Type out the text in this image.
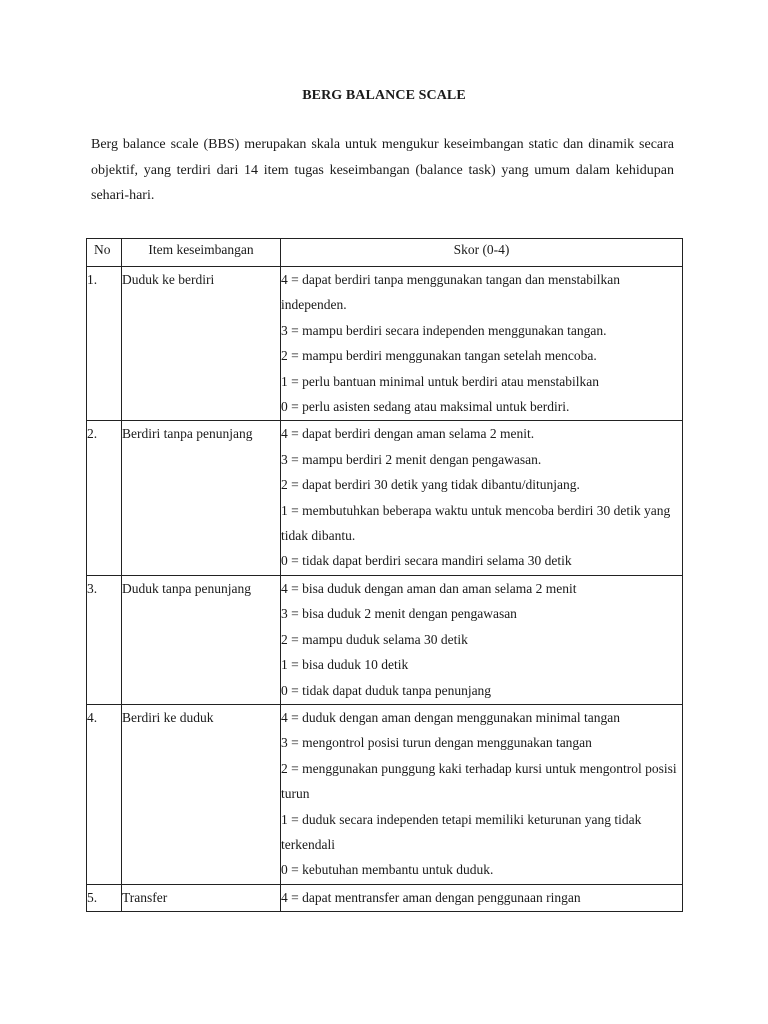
BERG BALANCE SCALE
Berg balance scale (BBS) merupakan skala untuk mengukur keseimbangan static dan dinamik secara objektif, yang terdiri dari 14 item tugas keseimbangan (balance task) yang umum dalam kehidupan sehari-hari.
No	Item keseimbangan	Skor (0-4)

1.	Duduk ke berdiri	4 = dapat berdiri tanpa menggunakan tangan dan menstabilkan independen.
3 = mampu berdiri secara independen menggunakan tangan.
2 = mampu berdiri menggunakan tangan setelah mencoba.
1 = perlu bantuan minimal untuk berdiri atau menstabilkan
0 = perlu asisten sedang atau maksimal untuk berdiri.

2.	Berdiri tanpa penunjang	4 = dapat berdiri dengan aman selama 2 menit.
3 = mampu berdiri 2 menit dengan pengawasan.
2 = dapat berdiri 30 detik yang tidak dibantu/ditunjang.
1 = membutuhkan beberapa waktu untuk mencoba berdiri 30 detik yang tidak dibantu.
0 = tidak dapat berdiri secara mandiri selama 30 detik

3.	Duduk tanpa penunjang	4 = bisa duduk dengan aman dan aman selama 2 menit
3 = bisa duduk 2 menit dengan pengawasan
2 = mampu duduk selama 30 detik
1 = bisa duduk 10 detik
0 = tidak dapat duduk tanpa penunjang

4.	Berdiri ke duduk	4 = duduk dengan aman dengan menggunakan minimal tangan
3 = mengontrol posisi turun dengan menggunakan tangan
2 = menggunakan punggung kaki terhadap kursi untuk mengontrol posisi turun
1 = duduk secara independen tetapi memiliki keturunan yang tidak terkendali
0 = kebutuhan membantu untuk duduk.

5.	Transfer	4 = dapat mentransfer aman dengan penggunaan ringan
